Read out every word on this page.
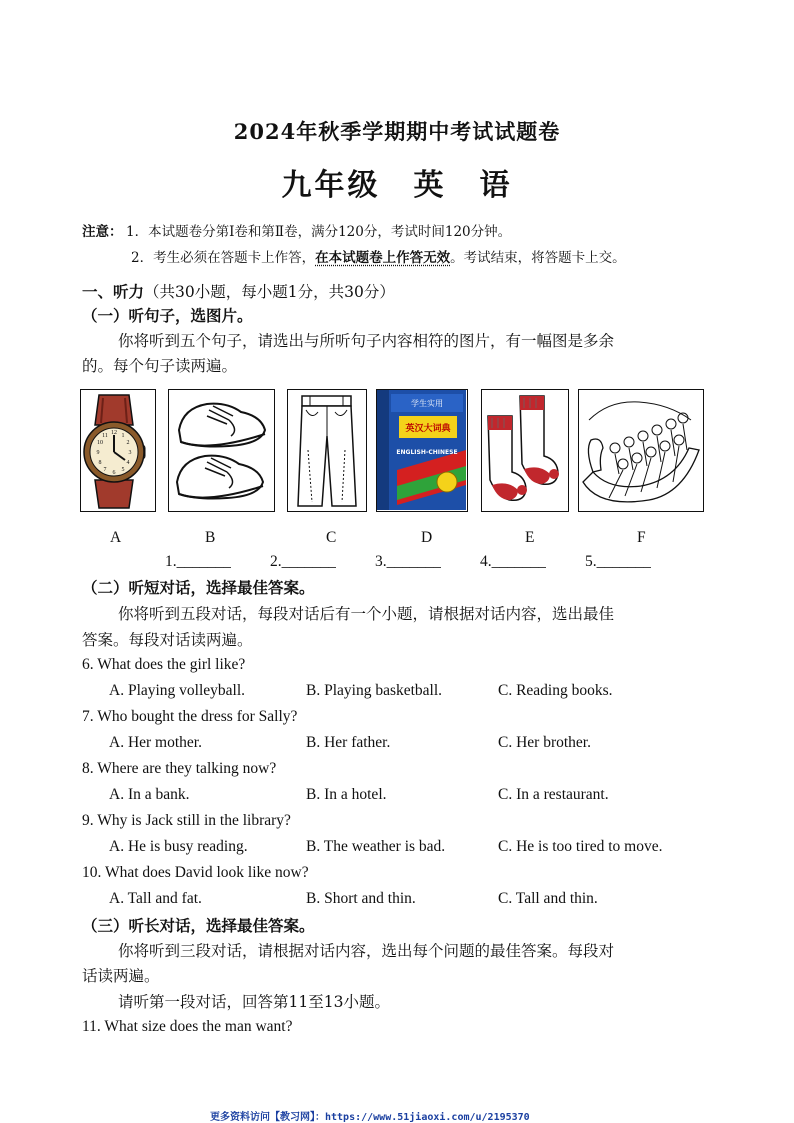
2024年秋季学期期中考试试题卷
九年级　英　语
注意： 1．本试题卷分第Ⅰ卷和第Ⅱ卷，满分120分，考试时间120分钟。
2．考生必须在答题卡上作答，在本试题卷上作答无效。考试结束，将答题卡上交。
一、听力（共30小题，每小题1分，共30分）
（一）听句子，选图片。
你将听到五个句子，请选出与所听句子内容相符的图片，有一幅图是多余
的。每个句子读两遍。
12
3
6
9
1
2
4
5
7
8
10
11
学生实用
英汉大词典
ENGLISH-CHINESE
A	B	C	D	E	F
1._______	2._______	3._______	4._______	5._______
（二）听短对话，选择最佳答案。
你将听到五段对话，每段对话后有一个小题，请根据对话内容，选出最佳
答案。每段对话读两遍。
6. What does the girl like?
A. Playing volleyball.	B. Playing basketball.	C. Reading books.
7. Who bought the dress for Sally?
A. Her mother.	B. Her father.	C. Her brother.
8. Where are they talking now?
A. In a bank.	B. In a hotel.	C. In a restaurant.
9. Why is Jack still in the library?
A. He is busy reading.	B. The weather is bad.	C. He is too tired to move.
10. What does David look like now?
A. Tall and fat.	B. Short and thin.	C. Tall and thin.
（三）听长对话，选择最佳答案。
你将听到三段对话，请根据对话内容，选出每个问题的最佳答案。每段对
话读两遍。
请听第一段对话，回答第11至13小题。
11. What size does the man want?
更多资料访问【教习网】：https://www.51jiaoxi.com/u/2195370
